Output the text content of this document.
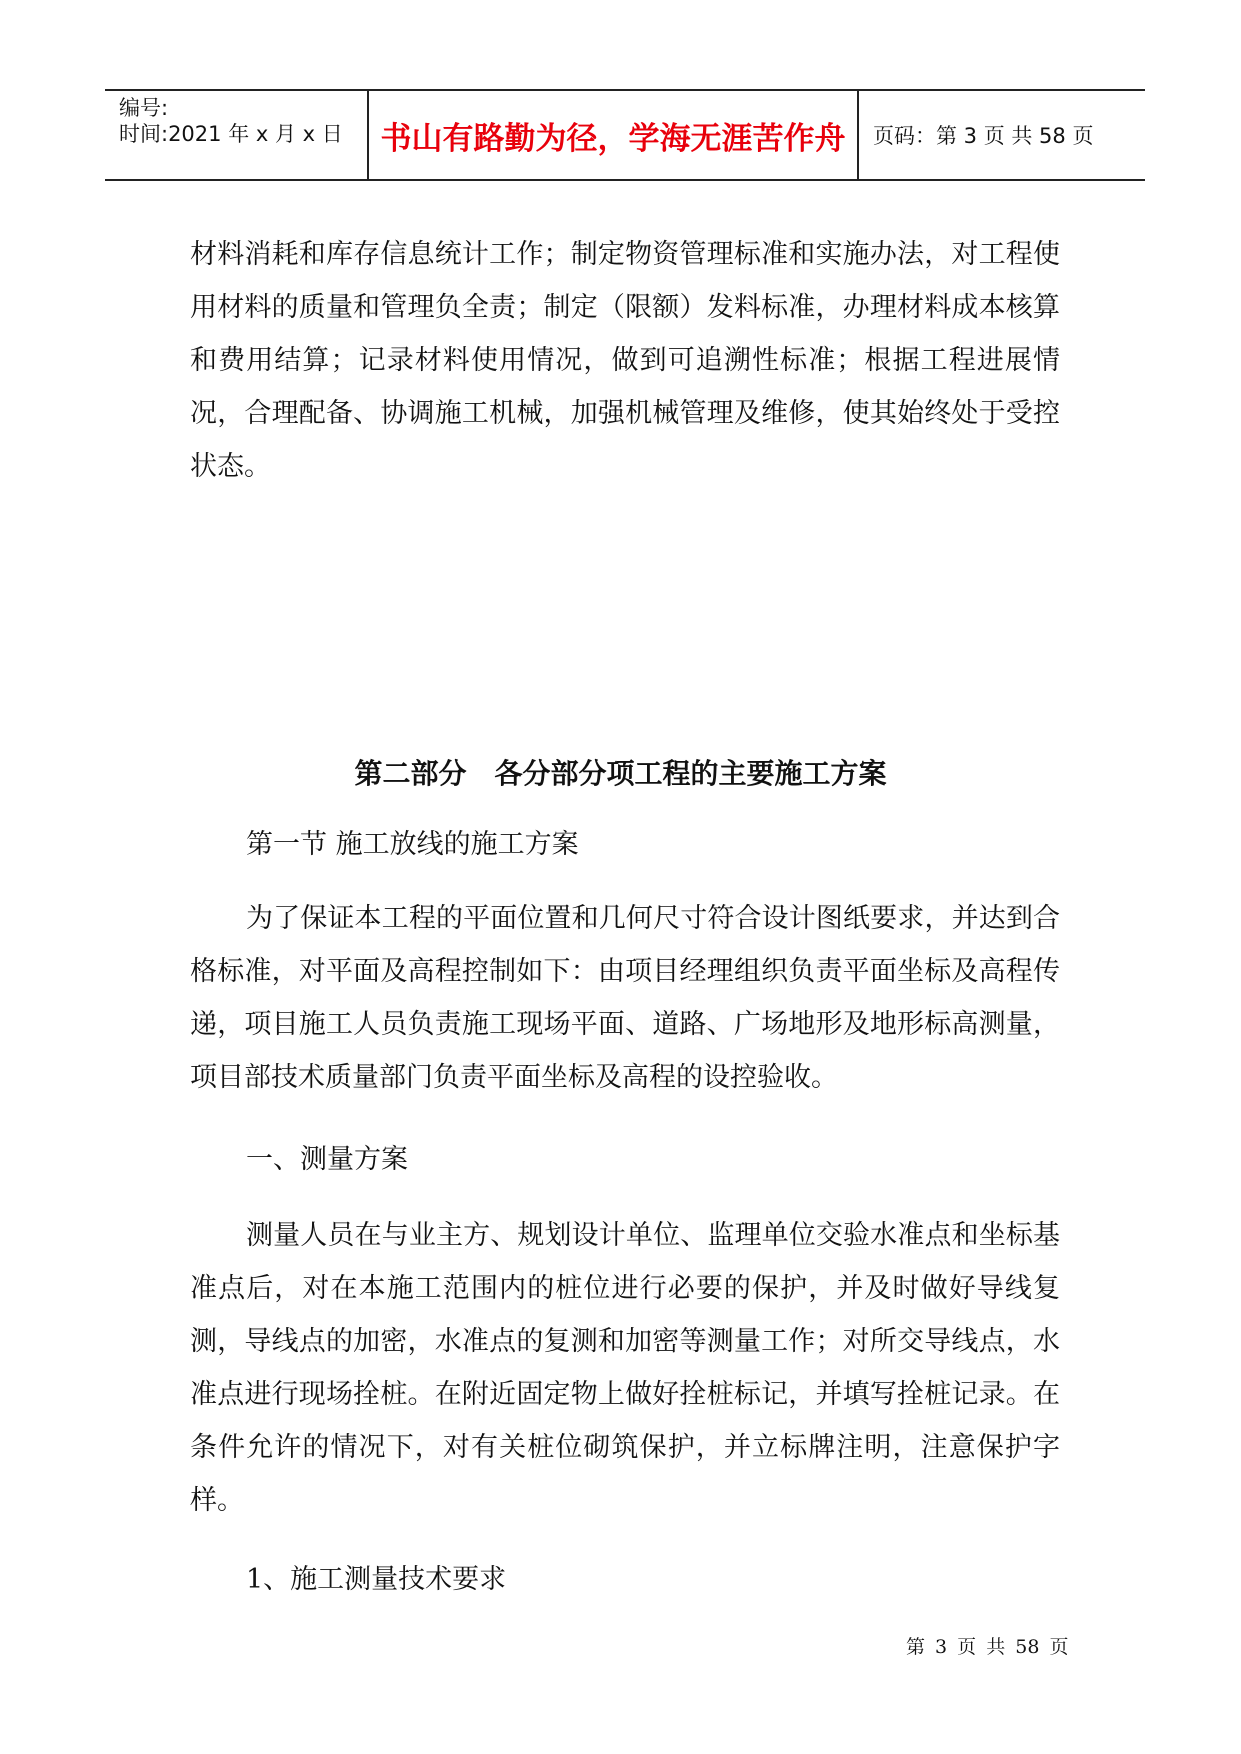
编号:
时间:2021 年 x 月 x 日	书山有路勤为径，学海无涯苦作舟	页码：第 3 页 共 58 页

材料消耗和库存信息统计工作；制定物资管理标准和实施办法，对工程使用材料的质量和管理负全责；制定（限额）发料标准，办理材料成本核算和费用结算；记录材料使用情况，做到可追溯性标准；根据工程进展情况，合理配备、协调施工机械，加强机械管理及维修，使其始终处于受控状态。

第二部分　各分部分项工程的主要施工方案
第一节 施工放线的施工方案

为了保证本工程的平面位置和几何尺寸符合设计图纸要求，并达到合格标准，对平面及高程控制如下：由项目经理组织负责平面坐标及高程传递，项目施工人员负责施工现场平面、道路、广场地形及地形标高测量，项目部技术质量部门负责平面坐标及高程的设控验收。

一、测量方案

测量人员在与业主方、规划设计单位、监理单位交验水准点和坐标基准点后，对在本施工范围内的桩位进行必要的保护，并及时做好导线复测，导线点的加密，水准点的复测和加密等测量工作；对所交导线点，水准点进行现场拴桩。在附近固定物上做好拴桩标记，并填写拴桩记录。在条件允许的情况下，对有关桩位砌筑保护，并立标牌注明，注意保护字样。

1、施工测量技术要求
第 3 页 共 58 页
